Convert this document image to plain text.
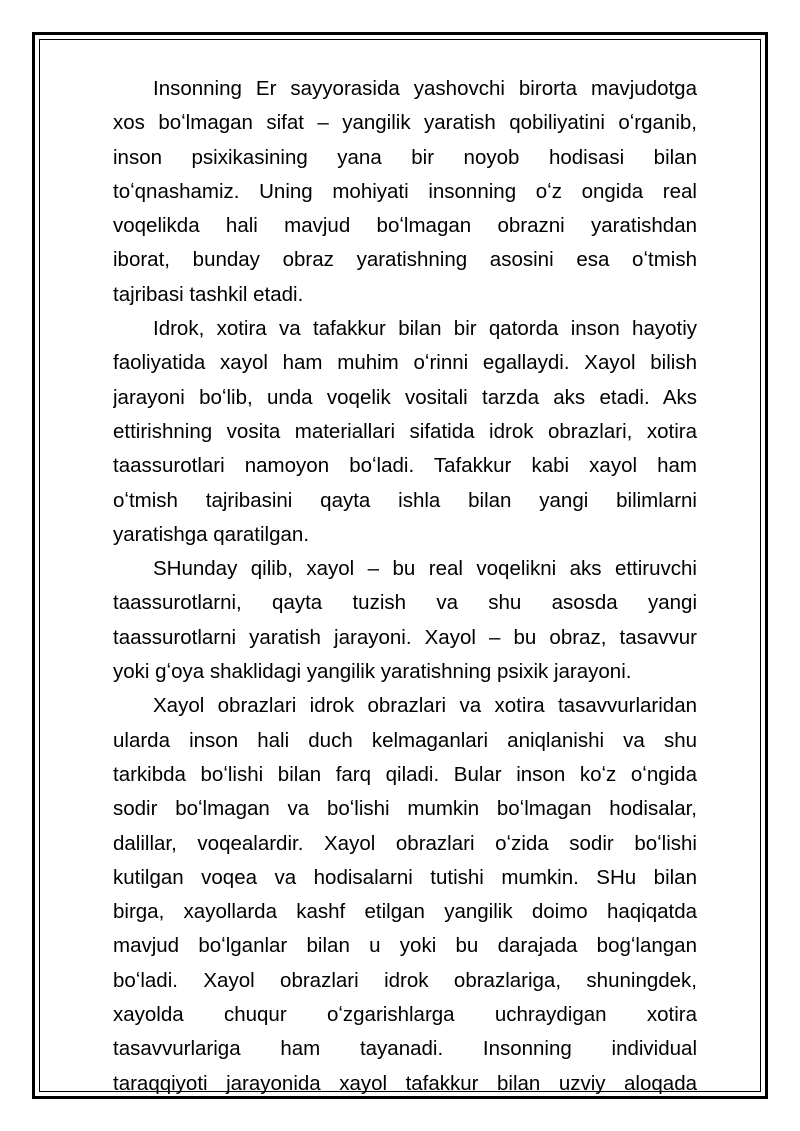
Insonning Er sayyorasida yashovchi birorta mavjudotga
xos boʻlmagan sifat – yangilik yaratish qobiliyatini oʻrganib,
inson psixikasining yana bir noyob hodisasi bilan
toʻqnashamiz. Uning mohiyati insonning oʻz ongida real
voqelikda hali mavjud boʻlmagan obrazni yaratishdan
iborat, bunday obraz yaratishning asosini esa oʻtmish
tajribasi tashkil etadi.
Idrok, xotira va tafakkur bilan bir qatorda inson hayotiy
faoliyatida xayol ham muhim oʻrinni egallaydi. Xayol bilish
jarayoni boʻlib, unda voqelik vositali tarzda aks etadi. Aks
ettirishning vosita materiallari sifatida idrok obrazlari, xotira
taassurotlari namoyon boʻladi. Tafakkur kabi xayol ham
oʻtmish tajribasini qayta ishla bilan yangi bilimlarni
yaratishga qaratilgan.
SHunday qilib, xayol – bu real voqelikni aks ettiruvchi
taassurotlarni, qayta tuzish va shu asosda yangi
taassurotlarni yaratish jarayoni. Xayol – bu obraz, tasavvur
yoki gʻoya shaklidagi yangilik yaratishning psixik jarayoni.
Xayol obrazlari idrok obrazlari va xotira tasavvurlaridan
ularda inson hali duch kelmaganlari aniqlanishi va shu
tarkibda boʻlishi bilan farq qiladi. Bular inson koʻz oʻngida
sodir boʻlmagan va boʻlishi mumkin boʻlmagan hodisalar,
dalillar, voqealardir. Xayol obrazlari oʻzida sodir boʻlishi
kutilgan voqea va hodisalarni tutishi mumkin. SHu bilan
birga, xayollarda kashf etilgan yangilik doimo haqiqatda
mavjud boʻlganlar bilan u yoki bu darajada bogʻlangan
boʻladi. Xayol obrazlari idrok obrazlariga, shuningdek,
xayolda chuqur oʻzgarishlarga uchraydigan xotira
tasavvurlariga ham tayanadi. Insonning individual
taraqqiyoti jarayonida xayol tafakkur bilan uzviy aloqada
